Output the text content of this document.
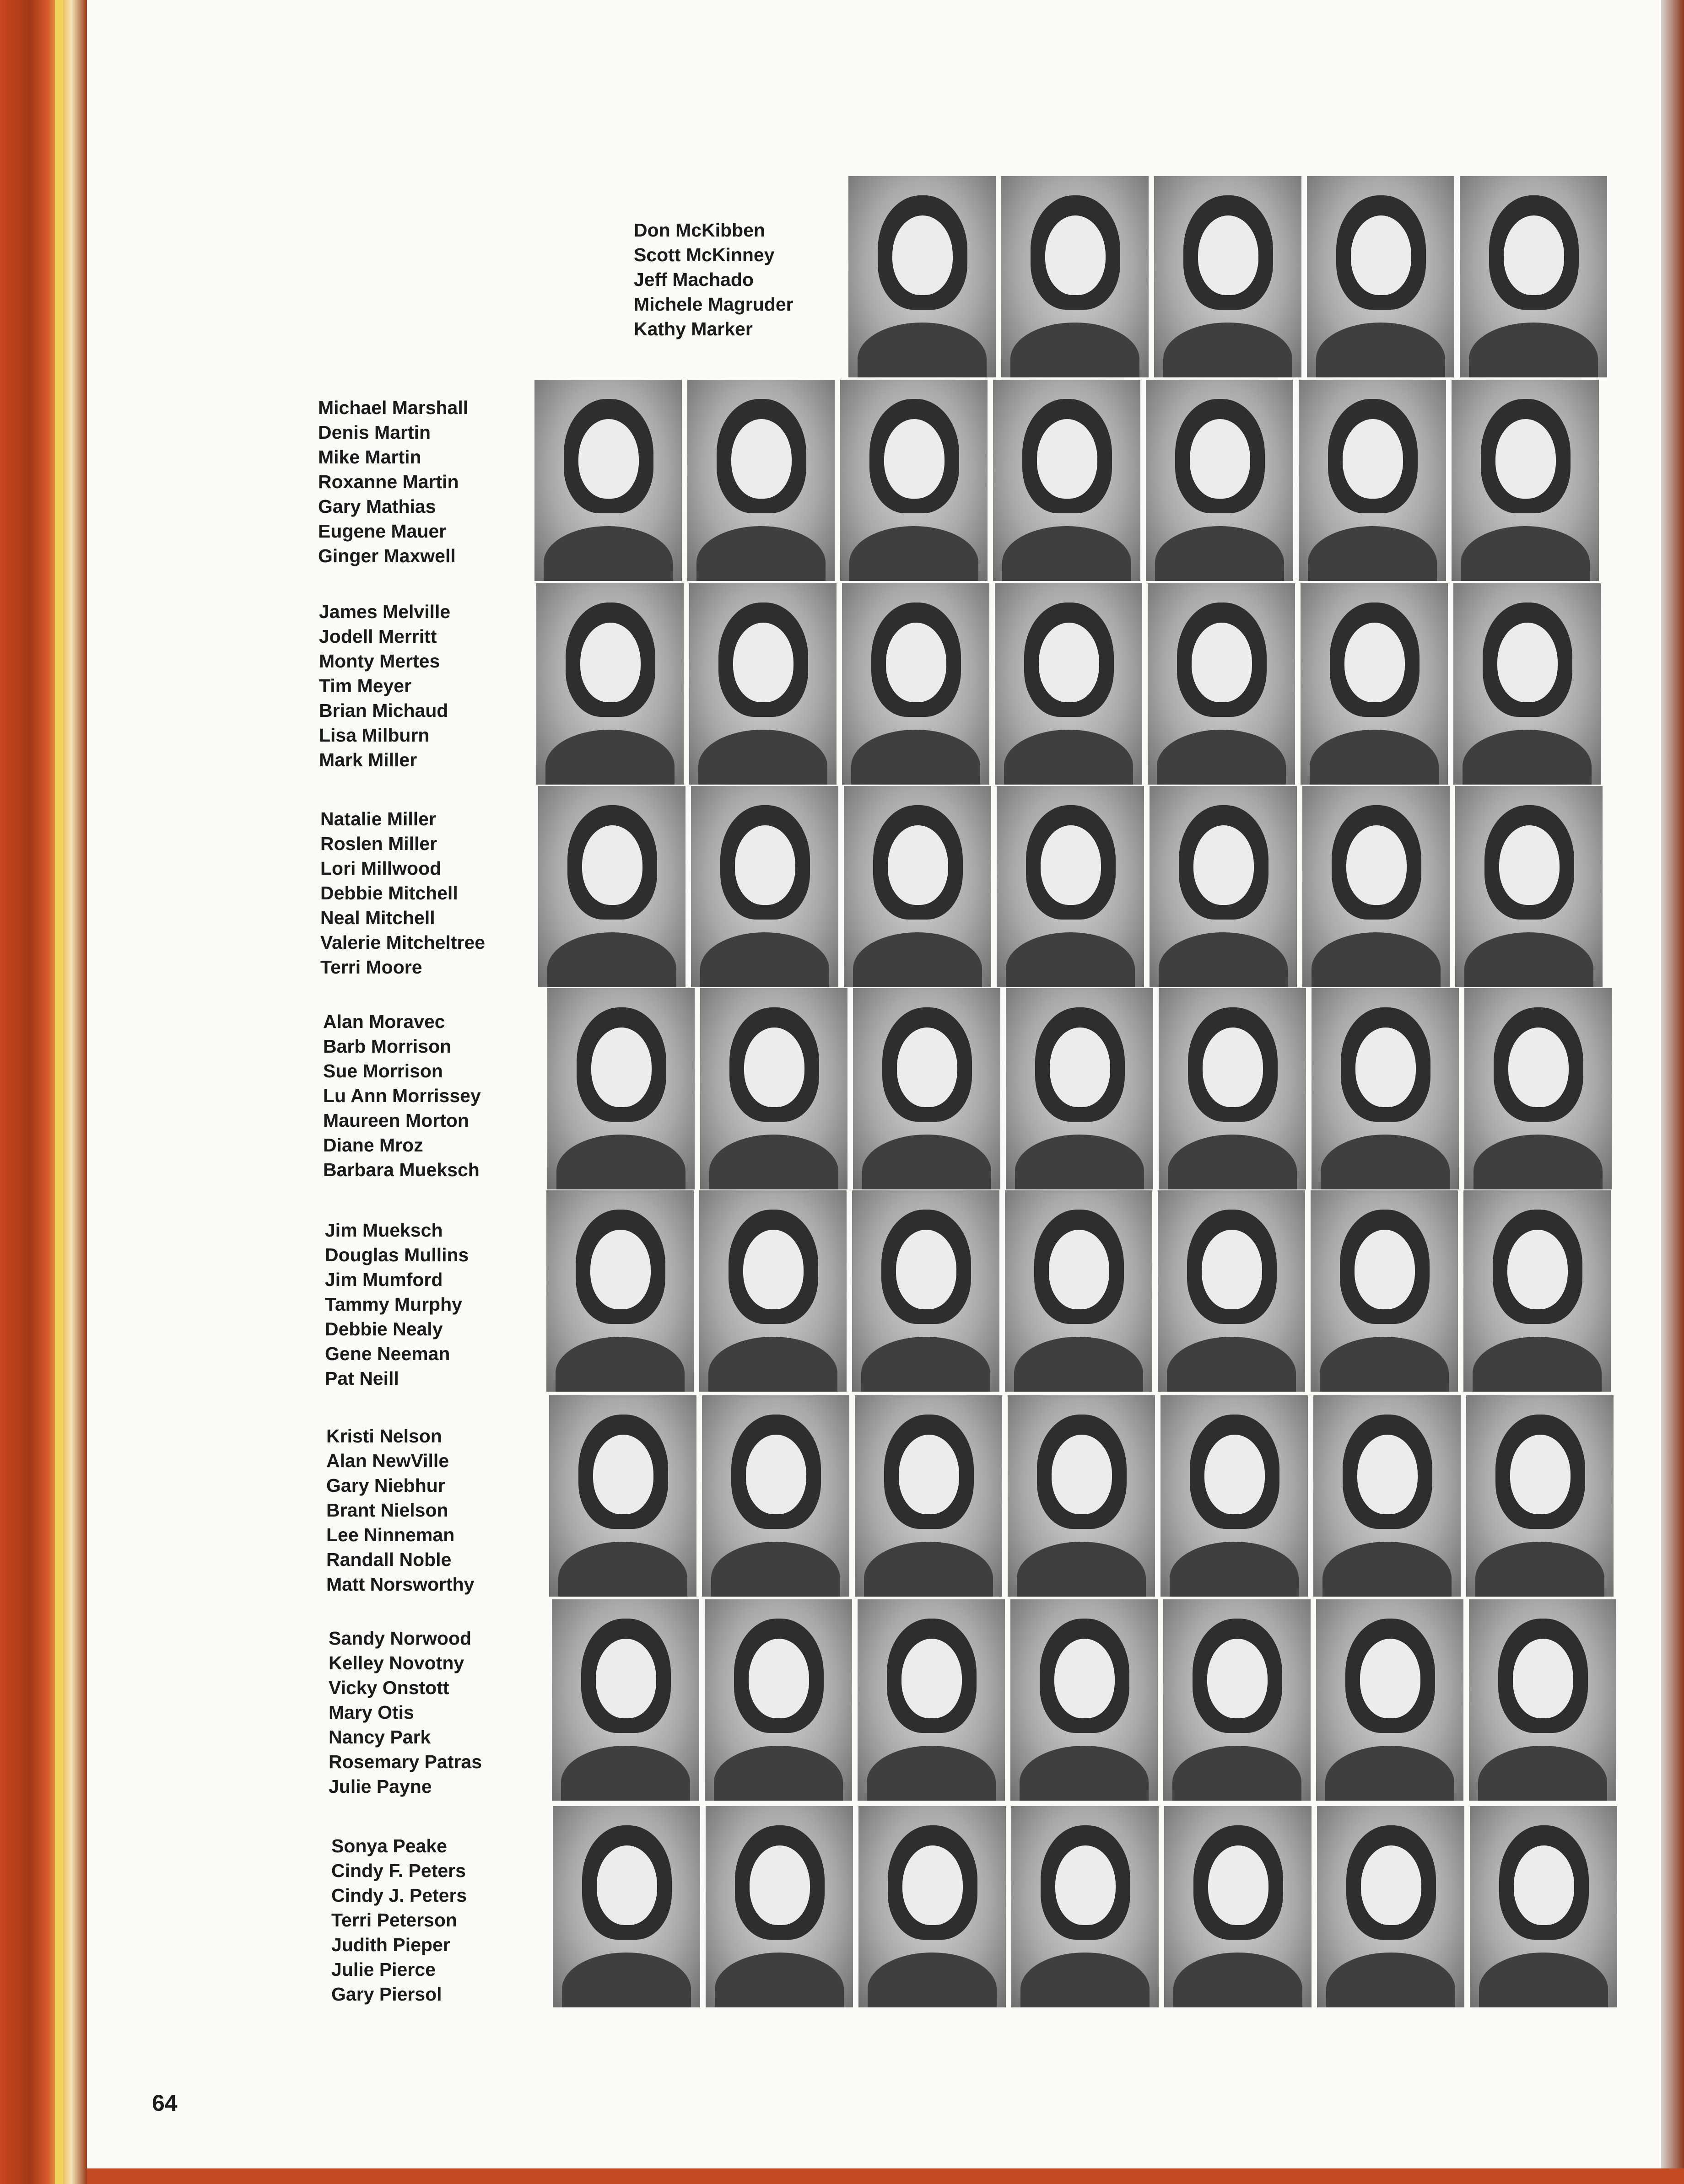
Don McKibben
Scott McKinney
Jeff Machado
Michele Magruder
Kathy Marker
Michael Marshall
Denis Martin
Mike Martin
Roxanne Martin
Gary Mathias
Eugene Mauer
Ginger Maxwell
James Melville
Jodell Merritt
Monty Mertes
Tim Meyer
Brian Michaud
Lisa Milburn
Mark Miller
Natalie Miller
Roslen Miller
Lori Millwood
Debbie Mitchell
Neal Mitchell
Valerie Mitcheltree
Terri Moore
Alan Moravec
Barb Morrison
Sue Morrison
Lu Ann Morrissey
Maureen Morton
Diane Mroz
Barbara Mueksch
Jim Mueksch
Douglas Mullins
Jim Mumford
Tammy Murphy
Debbie Nealy
Gene Neeman
Pat Neill
Kristi Nelson
Alan NewVille
Gary Niebhur
Brant Nielson
Lee Ninneman
Randall Noble
Matt Norsworthy
Sandy Norwood
Kelley Novotny
Vicky Onstott
Mary Otis
Nancy Park
Rosemary Patras
Julie Payne
Sonya Peake
Cindy F. Peters
Cindy J. Peters
Terri Peterson
Judith Pieper
Julie Pierce
Gary Piersol
64
